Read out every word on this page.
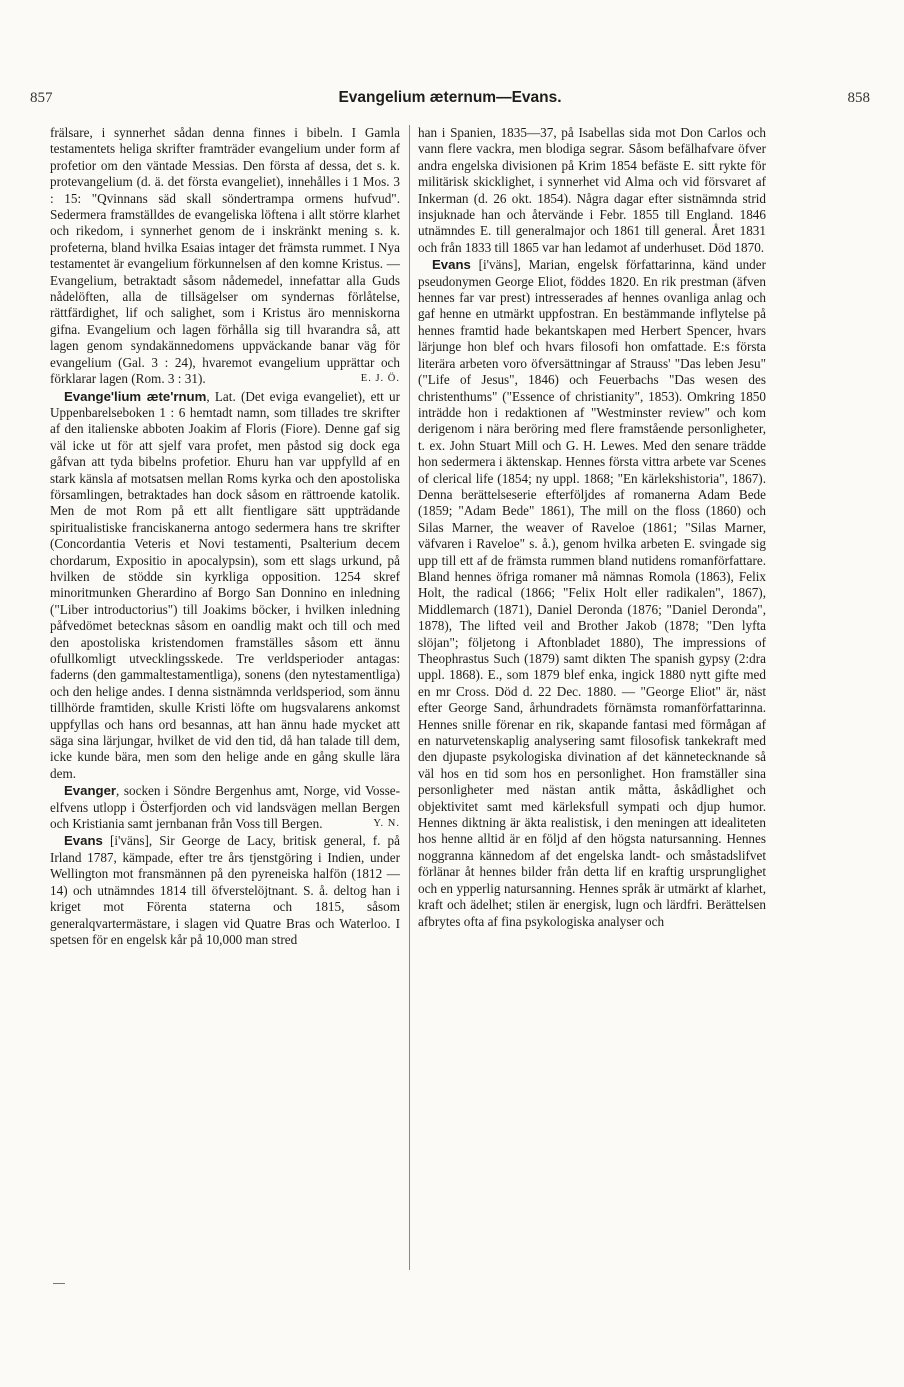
857	Evangelium æternum—Evans.	858

frälsare, i synnerhet sådan denna finnes i bibeln. I Gamla testamentets heliga skrifter framträder evangelium under form af profetior om den väntade Messias. Den första af dessa, det s. k. protevangelium (d. ä. det första evangeliet), innehålles i 1 Mos. 3 : 15: "Qvinnans säd skall söndertrampa ormens hufvud". Sedermera framställdes de evangeliska löftena i allt större klarhet och rikedom, i synnerhet genom de i inskränkt mening s. k. profeterna, bland hvilka Esaias intager det främsta rummet. I Nya testamentet är evangelium förkunnelsen af den komne Kristus. — Evangelium, betraktadt såsom nådemedel, innefattar alla Guds nådelöften, alla de tillsägelser om syndernas förlåtelse, rättfärdighet, lif och salighet, som i Kristus äro menniskorna gifna. Evangelium och lagen förhålla sig till hvarandra så, att lagen genom syndakännedomens uppväckande banar väg för evangelium (Gal. 3 : 24), hvaremot evangelium upprättar och förklarar lagen (Rom. 3 : 31).	E. J. Ö.

Evange'lium æte'rnum, Lat. (Det eviga evangeliet), ett ur Uppenbarelseboken 1 : 6 hemtadt namn, som tillades tre skrifter af den italienske abboten Joakim af Floris (Fiore). Denne gaf sig väl icke ut för att sjelf vara profet, men påstod sig dock ega gåfvan att tyda bibelns profetior. Ehuru han var uppfylld af en stark känsla af motsatsen mellan Roms kyrka och den apostoliska församlingen, betraktades han dock såsom en rättroende katolik. Men de mot Rom på ett allt fientligare sätt uppträdande spiritualistiske franciskanerna antogo sedermera hans tre skrifter (Concordantia Veteris et Novi testamenti, Psalterium decem chordarum, Expositio in apocalypsin), som ett slags urkund, på hvilken de stödde sin kyrkliga opposition. 1254 skref minoritmunken Gherardino af Borgo San Donnino en inledning ("Liber introductorius") till Joakims böcker, i hvilken inledning påfvedömet betecknas såsom en oandlig makt och till och med den apostoliska kristendomen framställes såsom ett ännu ofullkomligt utvecklingsskede. Tre verldsperioder antagas: faderns (den gammaltestamentliga), sonens (den nytestamentliga) och den helige andes. I denna sistnämnda verldsperiod, som ännu tillhörde framtiden, skulle Kristi löfte om hugsvalarens ankomst uppfyllas och hans ord besannas, att han ännu hade mycket att säga sina lärjungar, hvilket de vid den tid, då han talade till dem, icke kunde bära, men som den helige ande en gång skulle lära dem.

Evanger, socken i Söndre Bergenhus amt, Norge, vid Vosse-elfvens utlopp i Österfjorden och vid landsvägen mellan Bergen och Kristiania samt jernbanan från Voss till Bergen.	Y. N.

Evans [i'väns], Sir George de Lacy, britisk general, f. på Irland 1787, kämpade, efter tre års tjenstgöring i Indien, under Wellington mot fransmännen på den pyreneiska halfön (1812 —14) och utnämndes 1814 till öfverstelöjtnant. S. å. deltog han i kriget mot Förenta staterna och 1815, såsom generalqvartermästare, i slagen vid Quatre Bras och Waterloo. I spetsen för en engelsk kår på 10,000 man stred

han i Spanien, 1835—37, på Isabellas sida mot Don Carlos och vann flere vackra, men blodiga segrar. Såsom befälhafvare öfver andra engelska divisionen på Krim 1854 befäste E. sitt rykte för militärisk skicklighet, i synnerhet vid Alma och vid försvaret af Inkerman (d. 26 okt. 1854). Några dagar efter sistnämnda strid insjuknade han och återvände i Febr. 1855 till England. 1846 utnämndes E. till generalmajor och 1861 till general. Året 1831 och från 1833 till 1865 var han ledamot af underhuset. Död 1870.

Evans [i'väns], Marian, engelsk författarinna, känd under pseudonymen George Eliot, föddes 1820. En rik prestman (äfven hennes far var prest) intresserades af hennes ovanliga anlag och gaf henne en utmärkt uppfostran. En bestämmande inflytelse på hennes framtid hade bekantskapen med Herbert Spencer, hvars lärjunge hon blef och hvars filosofi hon omfattade. E:s första literära arbeten voro öfversättningar af Strauss' "Das leben Jesu" ("Life of Jesus", 1846) och Feuerbachs "Das wesen des christenthums" ("Essence of christianity", 1853). Omkring 1850 inträdde hon i redaktionen af "Westminster review" och kom derigenom i nära beröring med flere framstående personligheter, t. ex. John Stuart Mill och G. H. Lewes. Med den senare trädde hon sedermera i äktenskap. Hennes första vittra arbete var Scenes of clerical life (1854; ny uppl. 1868; "En kärlekshistoria", 1867). Denna berättelseserie efterföljdes af romanerna Adam Bede (1859; "Adam Bede" 1861), The mill on the floss (1860) och Silas Marner, the weaver of Raveloe (1861; "Silas Marner, väfvaren i Raveloe" s. å.), genom hvilka arbeten E. svingade sig upp till ett af de främsta rummen bland nutidens romanförfattare. Bland hennes öfriga romaner må nämnas Romola (1863), Felix Holt, the radical (1866; "Felix Holt eller radikalen", 1867), Middlemarch (1871), Daniel Deronda (1876; "Daniel Deronda", 1878), The lifted veil and Brother Jakob (1878; "Den lyfta slöjan"; följetong i Aftonbladet 1880), The impressions of Theophrastus Such (1879) samt dikten The spanish gypsy (2:dra uppl. 1868). E., som 1879 blef enka, ingick 1880 nytt gifte med en mr Cross. Död d. 22 Dec. 1880. — "George Eliot" är, näst efter George Sand, århundradets förnämsta romanförfattarinna. Hennes snille förenar en rik, skapande fantasi med förmågan af en naturvetenskaplig analysering samt filosofisk tankekraft med den djupaste psykologiska divination af det kännetecknande så väl hos en tid som hos en personlighet. Hon framställer sina personligheter med nästan antik måtta, åskådlighet och objektivitet samt med kärleksfull sympati och djup humor. Hennes diktning är äkta realistisk, i den meningen att idealiteten hos henne alltid är en följd af den högsta natursanning. Hennes noggranna kännedom af det engelska landt- och småstadslifvet förlänar åt hennes bilder från detta lif en kraftig ursprunglighet och en ypperlig natursanning. Hennes språk är utmärkt af klarhet, kraft och ädelhet; stilen är energisk, lugn och lärdfri. Berättelsen afbrytes ofta af fina psykologiska analyser och
